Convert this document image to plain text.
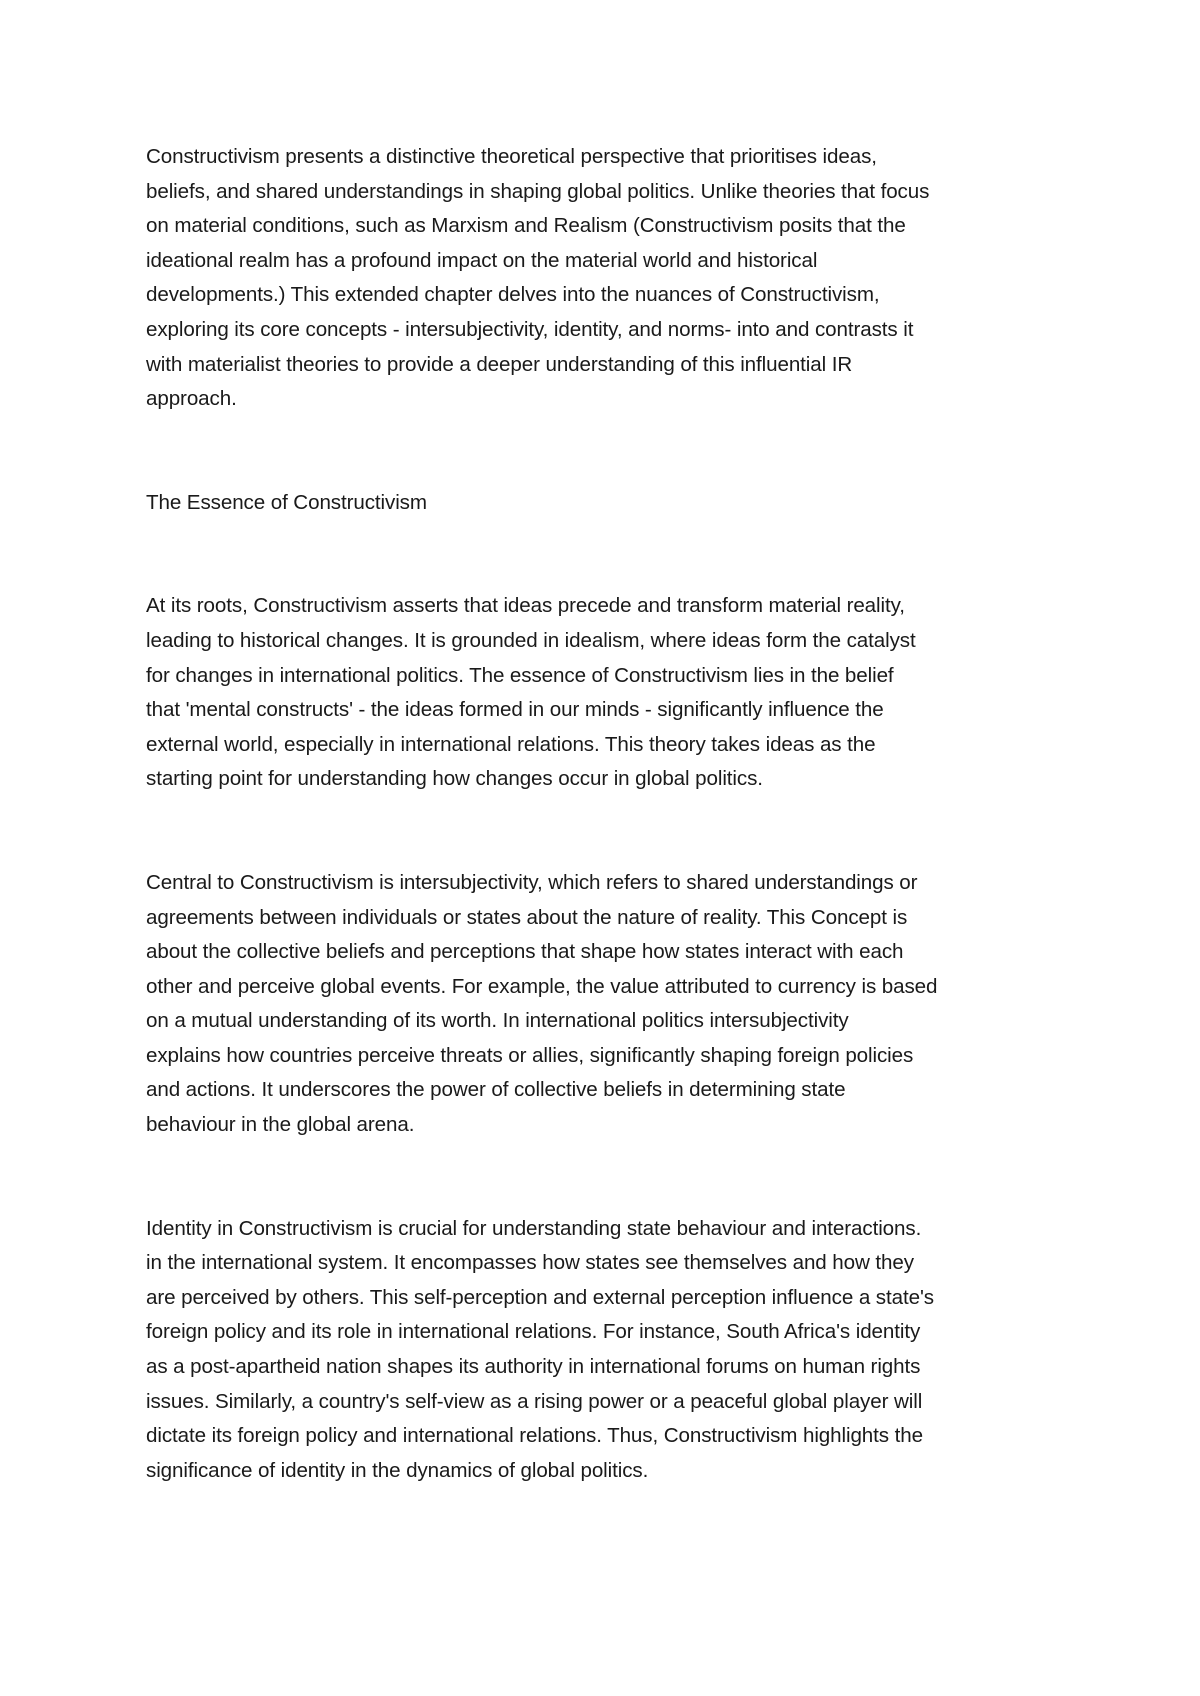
Constructivism presents a distinctive theoretical perspective that prioritises ideas,
beliefs, and shared understandings in shaping global politics. Unlike theories that focus
on material conditions, such as Marxism and Realism (Constructivism posits that the
ideational realm has a profound impact on the material world and historical
developments.) This extended chapter delves into the nuances of Constructivism,
exploring its core concepts - intersubjectivity, identity, and norms- into and contrasts it
with materialist theories to provide a deeper understanding of this influential IR
approach.
The Essence of Constructivism
At its roots, Constructivism asserts that ideas precede and transform material reality,
leading to historical changes. It is grounded in idealism, where ideas form the catalyst
for changes in international politics. The essence of Constructivism lies in the belief
that 'mental constructs' - the ideas formed in our minds - significantly influence the
external world, especially in international relations. This theory takes ideas as the
starting point for understanding how changes occur in global politics.
Central to Constructivism is intersubjectivity, which refers to shared understandings or
agreements between individuals or states about the nature of reality. This Concept is
about the collective beliefs and perceptions that shape how states interact with each
other and perceive global events. For example, the value attributed to currency is based
on a mutual understanding of its worth. In international politics intersubjectivity
explains how countries perceive threats or allies, significantly shaping foreign policies
and actions. It underscores the power of collective beliefs in determining state
behaviour in the global arena.
Identity in Constructivism is crucial for understanding state behaviour and interactions.
in the international system. It encompasses how states see themselves and how they
are perceived by others. This self-perception and external perception influence a state's
foreign policy and its role in international relations. For instance, South Africa's identity
as a post-apartheid nation shapes its authority in international forums on human rights
issues. Similarly, a country's self-view as a rising power or a peaceful global player will
dictate its foreign policy and international relations. Thus, Constructivism highlights the
significance of identity in the dynamics of global politics.
